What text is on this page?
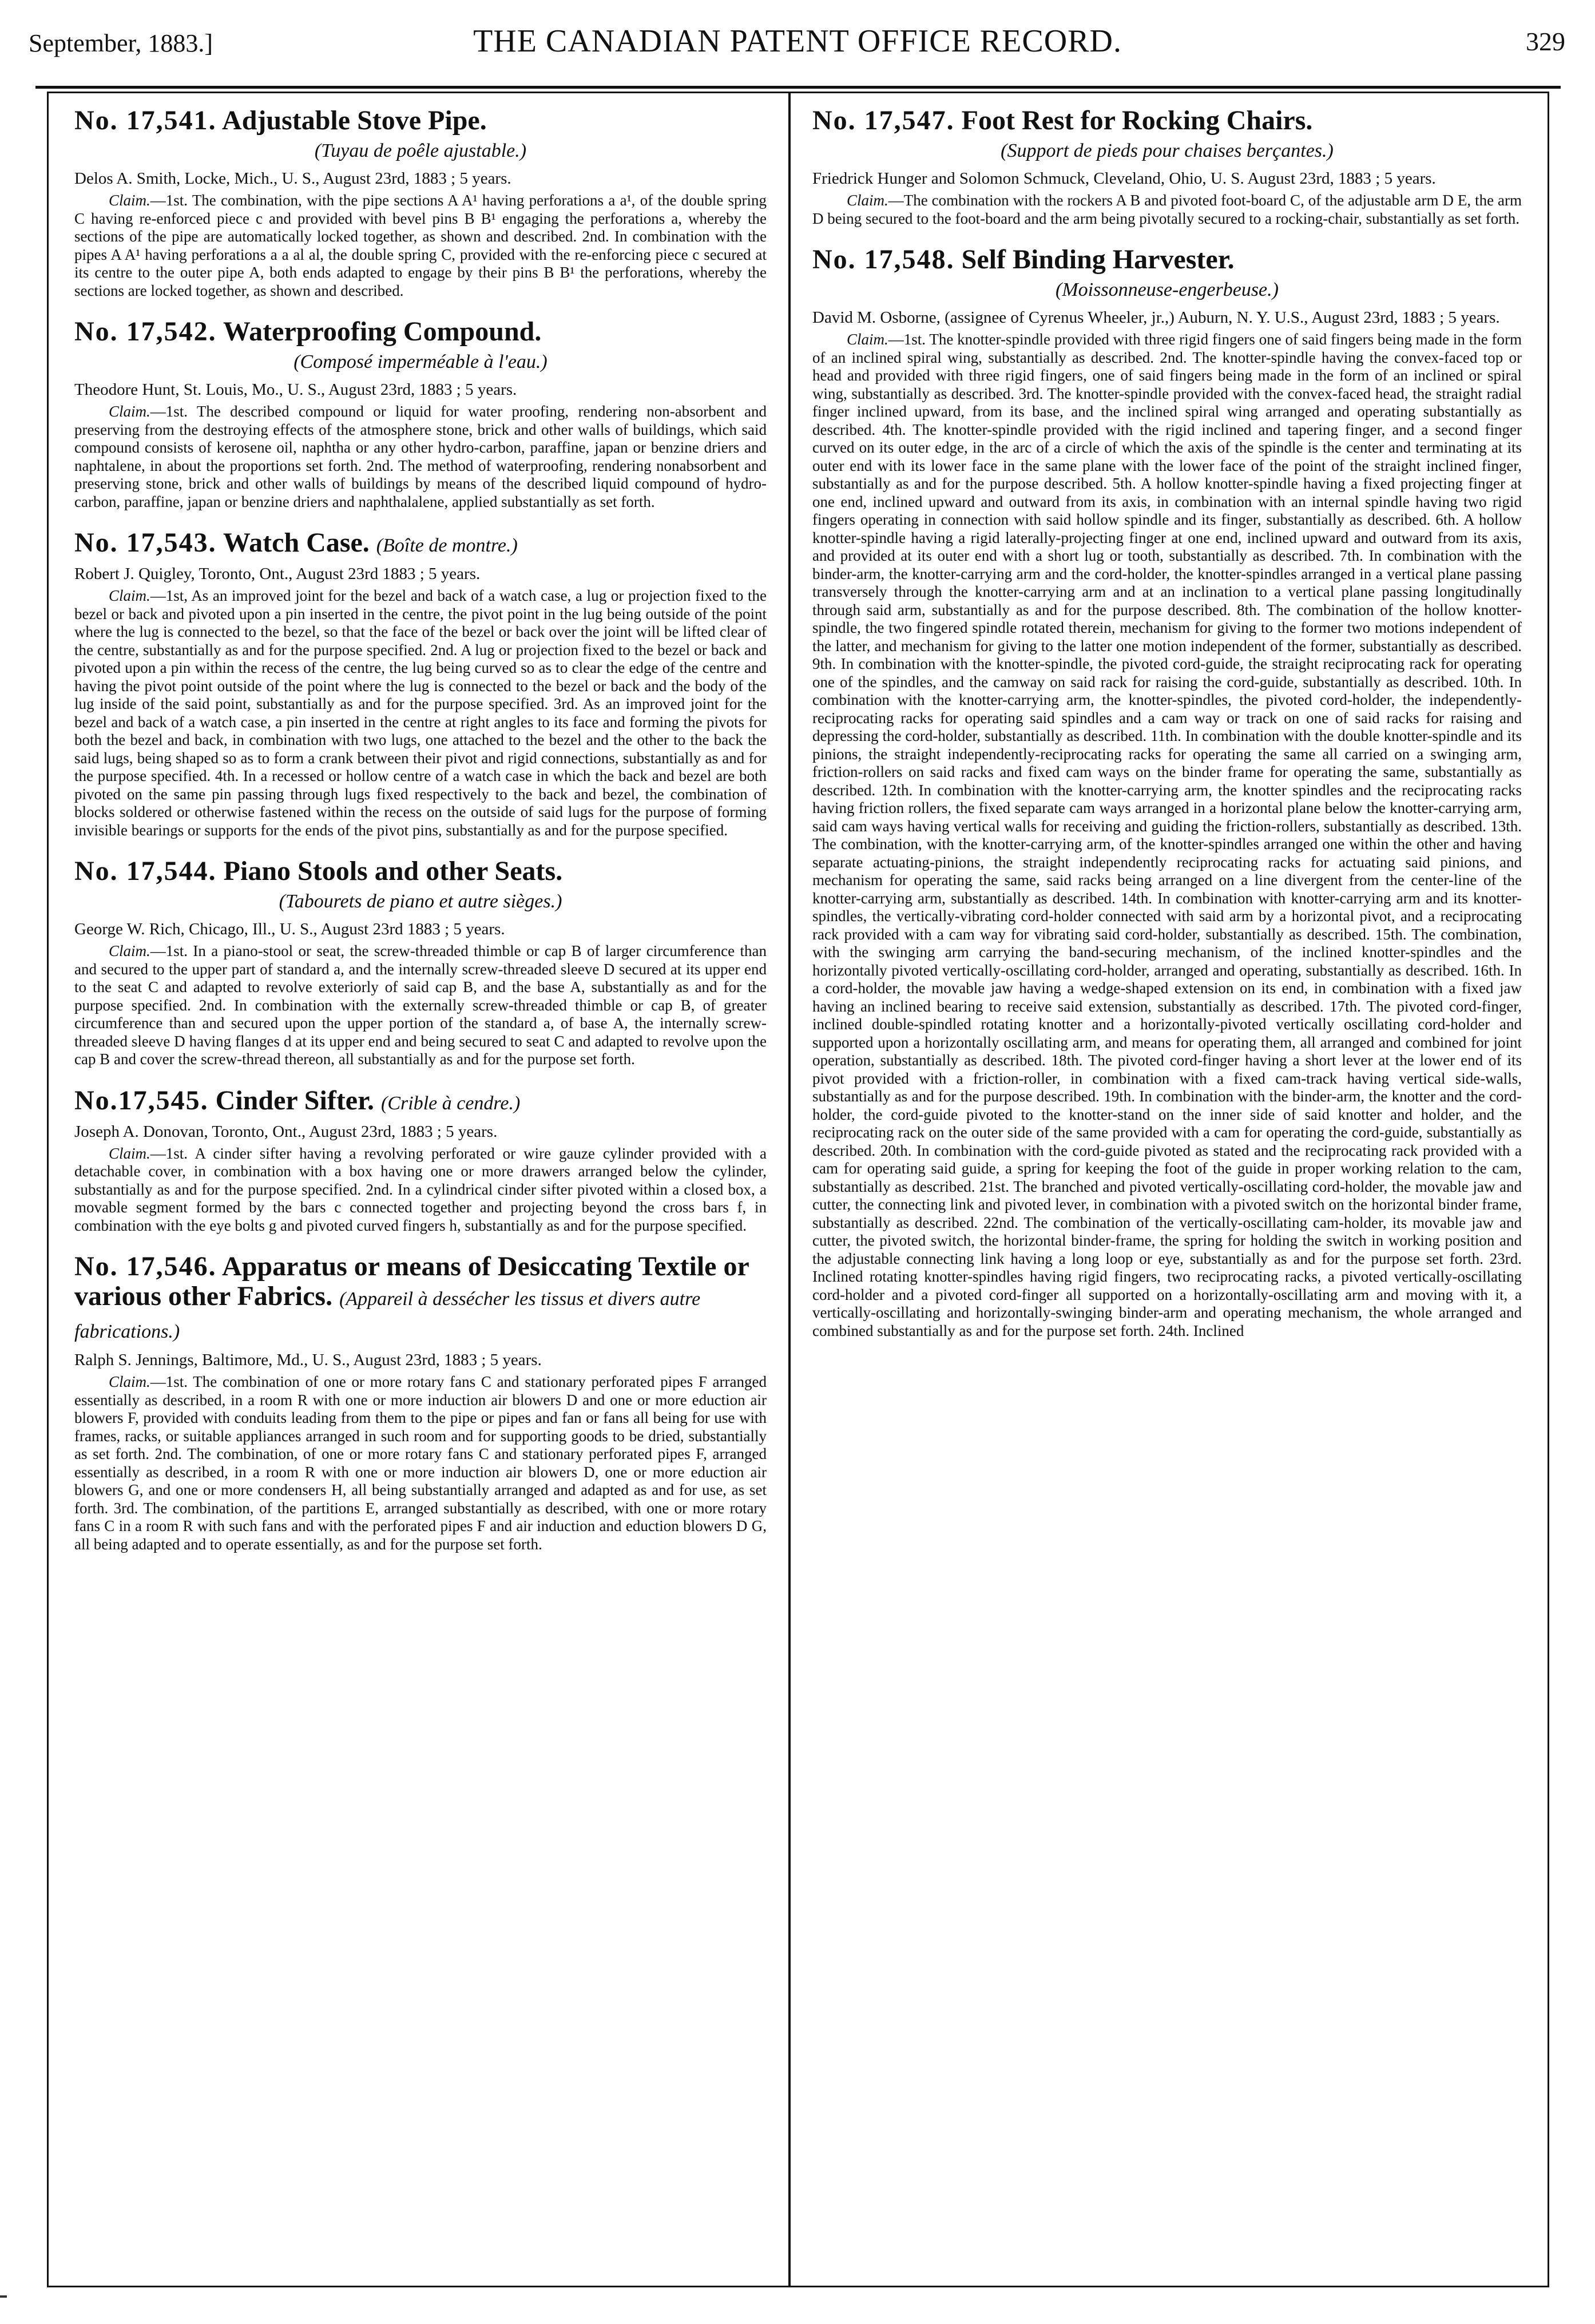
September, 1883.]	THE CANADIAN PATENT OFFICE RECORD.	329
No. 17,541. Adjustable Stove Pipe.
(Tuyau de poêle ajustable.)
Delos A. Smith, Locke, Mich., U. S., August 23rd, 1883 ; 5 years.
Claim.—1st. The combination, with the pipe sections A A¹ having perforations a a¹, of the double spring C having re-enforced piece c and provided with bevel pins B B¹ engaging the perforations a, whereby the sections of the pipe are automatically locked together, as shown and described. 2nd. In combination with the pipes A A¹ having perforations a a al al, the double spring C, provided with the re-enforcing piece c secured at its centre to the outer pipe A, both ends adapted to engage by their pins B B¹ the perforations, whereby the sections are locked together, as shown and described.
No. 17,542. Waterproofing Compound.
(Composé imperméable à l'eau.)
Theodore Hunt, St. Louis, Mo., U. S., August 23rd, 1883 ; 5 years.
Claim.—1st. The described compound or liquid for water proofing, rendering non-absorbent and preserving from the destroying effects of the atmosphere stone, brick and other walls of buildings, which said compound consists of kerosene oil, naphtha or any other hydro-carbon, paraffine, japan or benzine driers and naphtalene, in about the proportions set forth. 2nd. The method of waterproofing, rendering nonabsorbent and preserving stone, brick and other walls of buildings by means of the described liquid compound of hydro-carbon, paraffine, japan or benzine driers and naphthalalene, applied substantially as set forth.
No. 17,543. Watch Case. (Boîte de montre.)
Robert J. Quigley, Toronto, Ont., August 23rd 1883 ; 5 years.
Claim.—1st, As an improved joint for the bezel and back of a watch case, a lug or projection fixed to the bezel or back and pivoted upon a pin inserted in the centre, the pivot point in the lug being outside of the point where the lug is connected to the bezel, so that the face of the bezel or back over the joint will be lifted clear of the centre, substantially as and for the purpose specified. 2nd. A lug or projection fixed to the bezel or back and pivoted upon a pin within the recess of the centre, the lug being curved so as to clear the edge of the centre and having the pivot point outside of the point where the lug is connected to the bezel or back and the body of the lug inside of the said point, substantially as and for the purpose specified. 3rd. As an improved joint for the bezel and back of a watch case, a pin inserted in the centre at right angles to its face and forming the pivots for both the bezel and back, in combination with two lugs, one attached to the bezel and the other to the back the said lugs, being shaped so as to form a crank between their pivot and rigid connections, substantially as and for the purpose specified. 4th. In a recessed or hollow centre of a watch case in which the back and bezel are both pivoted on the same pin passing through lugs fixed respectively to the back and bezel, the combination of blocks soldered or otherwise fastened within the recess on the outside of said lugs for the purpose of forming invisible bearings or supports for the ends of the pivot pins, substantially as and for the purpose specified.
No. 17,544. Piano Stools and other Seats.
(Tabourets de piano et autre sièges.)
George W. Rich, Chicago, Ill., U. S., August 23rd 1883 ; 5 years.
Claim.—1st. In a piano-stool or seat, the screw-threaded thimble or cap B of larger circumference than and secured to the upper part of standard a, and the internally screw-threaded sleeve D secured at its upper end to the seat C and adapted to revolve exteriorly of said cap B, and the base A, substantially as and for the purpose specified. 2nd. In combination with the externally screw-threaded thimble or cap B, of greater circumference than and secured upon the upper portion of the standard a, of base A, the internally screw-threaded sleeve D having flanges d at its upper end and being secured to seat C and adapted to revolve upon the cap B and cover the screw-thread thereon, all substantially as and for the purpose set forth.
No.17,545. Cinder Sifter. (Crible à cendre.)
Joseph A. Donovan, Toronto, Ont., August 23rd, 1883 ; 5 years.
Claim.—1st. A cinder sifter having a revolving perforated or wire gauze cylinder provided with a detachable cover, in combination with a box having one or more drawers arranged below the cylinder, substantially as and for the purpose specified. 2nd. In a cylindrical cinder sifter pivoted within a closed box, a movable segment formed by the bars c connected together and projecting beyond the cross bars f, in combination with the eye bolts g and pivoted curved fingers h, substantially as and for the purpose specified.
No. 17,546. Apparatus or means of Desiccating Textile or various other Fabrics. (Appareil à dessécher les tissus et divers autre fabrications.)
Ralph S. Jennings, Baltimore, Md., U. S., August 23rd, 1883 ; 5 years.
Claim.—1st. The combination of one or more rotary fans C and stationary perforated pipes F arranged essentially as described, in a room R with one or more induction air blowers D and one or more eduction air blowers F, provided with conduits leading from them to the pipe or pipes and fan or fans all being for use with frames, racks, or suitable appliances arranged in such room and for supporting goods to be dried, substantially as set forth. 2nd. The combination, of one or more rotary fans C and stationary perforated pipes F, arranged essentially as described, in a room R with one or more induction air blowers D, one or more eduction air blowers G, and one or more condensers H, all being substantially arranged and adapted as and for use, as set forth. 3rd. The combination, of the partitions E, arranged substantially as described, with one or more rotary fans C in a room R with such fans and with the perforated pipes F and air induction and eduction blowers D G, all being adapted and to operate essentially, as and for the purpose set forth.
No. 17,547. Foot Rest for Rocking Chairs.
(Support de pieds pour chaises berçantes.)
Friedrick Hunger and Solomon Schmuck, Cleveland, Ohio, U. S. August 23rd, 1883 ; 5 years.
Claim.—The combination with the rockers A B and pivoted foot-board C, of the adjustable arm D E, the arm D being secured to the foot-board and the arm being pivotally secured to a rocking-chair, substantially as set forth.
No. 17,548. Self Binding Harvester.
(Moissonneuse-engerbeuse.)
David M. Osborne, (assignee of Cyrenus Wheeler, jr.,) Auburn, N. Y. U.S., August 23rd, 1883 ; 5 years.
Claim.—1st. The knotter-spindle provided with three rigid fingers one of said fingers being made in the form of an inclined spiral wing, substantially as described. 2nd. The knotter-spindle having the convex-faced top or head and provided with three rigid fingers, one of said fingers being made in the form of an inclined or spiral wing, substantially as described. 3rd. The knotter-spindle provided with the convex-faced head, the straight radial finger inclined upward, from its base, and the inclined spiral wing arranged and operating substantially as described. 4th. The knotter-spindle provided with the rigid inclined and tapering finger, and a second finger curved on its outer edge, in the arc of a circle of which the axis of the spindle is the center and terminating at its outer end with its lower face in the same plane with the lower face of the point of the straight inclined finger, substantially as and for the purpose described. 5th. A hollow knotter-spindle having a fixed projecting finger at one end, inclined upward and outward from its axis, in combination with an internal spindle having two rigid fingers operating in connection with said hollow spindle and its finger, substantially as described. 6th. A hollow knotter-spindle having a rigid laterally-projecting finger at one end, inclined upward and outward from its axis, and provided at its outer end with a short lug or tooth, substantially as described. 7th. In combination with the binder-arm, the knotter-carrying arm and the cord-holder, the knotter-spindles arranged in a vertical plane passing transversely through the knotter-carrying arm and at an inclination to a vertical plane passing longitudinally through said arm, substantially as and for the purpose described. 8th. The combination of the hollow knotter-spindle, the two fingered spindle rotated therein, mechanism for giving to the former two motions independent of the latter, and mechanism for giving to the latter one motion independent of the former, substantially as described. 9th. In combination with the knotter-spindle, the pivoted cord-guide, the straight reciprocating rack for operating one of the spindles, and the camway on said rack for raising the cord-guide, substantially as described. 10th. In combination with the knotter-carrying arm, the knotter-spindles, the pivoted cord-holder, the independently-reciprocating racks for operating said spindles and a cam way or track on one of said racks for raising and depressing the cord-holder, substantially as described. 11th. In combination with the double knotter-spindle and its pinions, the straight independently-reciprocating racks for operating the same all carried on a swinging arm, friction-rollers on said racks and fixed cam ways on the binder frame for operating the same, substantially as described. 12th. In combination with the knotter-carrying arm, the knotter spindles and the reciprocating racks having friction rollers, the fixed separate cam ways arranged in a horizontal plane below the knotter-carrying arm, said cam ways having vertical walls for receiving and guiding the friction-rollers, substantially as described. 13th. The combination, with the knotter-carrying arm, of the knotter-spindles arranged one within the other and having separate actuating-pinions, the straight independently reciprocating racks for actuating said pinions, and mechanism for operating the same, said racks being arranged on a line divergent from the center-line of the knotter-carrying arm, substantially as described. 14th. In combination with knotter-carrying arm and its knotter-spindles, the vertically-vibrating cord-holder connected with said arm by a horizontal pivot, and a reciprocating rack provided with a cam way for vibrating said cord-holder, substantially as described. 15th. The combination, with the swinging arm carrying the band-securing mechanism, of the inclined knotter-spindles and the horizontally pivoted vertically-oscillating cord-holder, arranged and operating, substantially as described. 16th. In a cord-holder, the movable jaw having a wedge-shaped extension on its end, in combination with a fixed jaw having an inclined bearing to receive said extension, substantially as described. 17th. The pivoted cord-finger, inclined double-spindled rotating knotter and a horizontally-pivoted vertically oscillating cord-holder and supported upon a horizontally oscillating arm, and means for operating them, all arranged and combined for joint operation, substantially as described. 18th. The pivoted cord-finger having a short lever at the lower end of its pivot provided with a friction-roller, in combination with a fixed cam-track having vertical side-walls, substantially as and for the purpose described. 19th. In combination with the binder-arm, the knotter and the cord-holder, the cord-guide pivoted to the knotter-stand on the inner side of said knotter and holder, and the reciprocating rack on the outer side of the same provided with a cam for operating the cord-guide, substantially as described. 20th. In combination with the cord-guide pivoted as stated and the reciprocating rack provided with a cam for operating said guide, a spring for keeping the foot of the guide in proper working relation to the cam, substantially as described. 21st. The branched and pivoted vertically-oscillating cord-holder, the movable jaw and cutter, the connecting link and pivoted lever, in combination with a pivoted switch on the horizontal binder frame, substantially as described. 22nd. The combination of the vertically-oscillating cam-holder, its movable jaw and cutter, the pivoted switch, the horizontal binder-frame, the spring for holding the switch in working position and the adjustable connecting link having a long loop or eye, substantially as and for the purpose set forth. 23rd. Inclined rotating knotter-spindles having rigid fingers, two reciprocating racks, a pivoted vertically-oscillating cord-holder and a pivoted cord-finger all supported on a horizontally-oscillating arm and moving with it, a vertically-oscillating and horizontally-swinging binder-arm and operating mechanism, the whole arranged and combined substantially as and for the purpose set forth. 24th. Inclined
